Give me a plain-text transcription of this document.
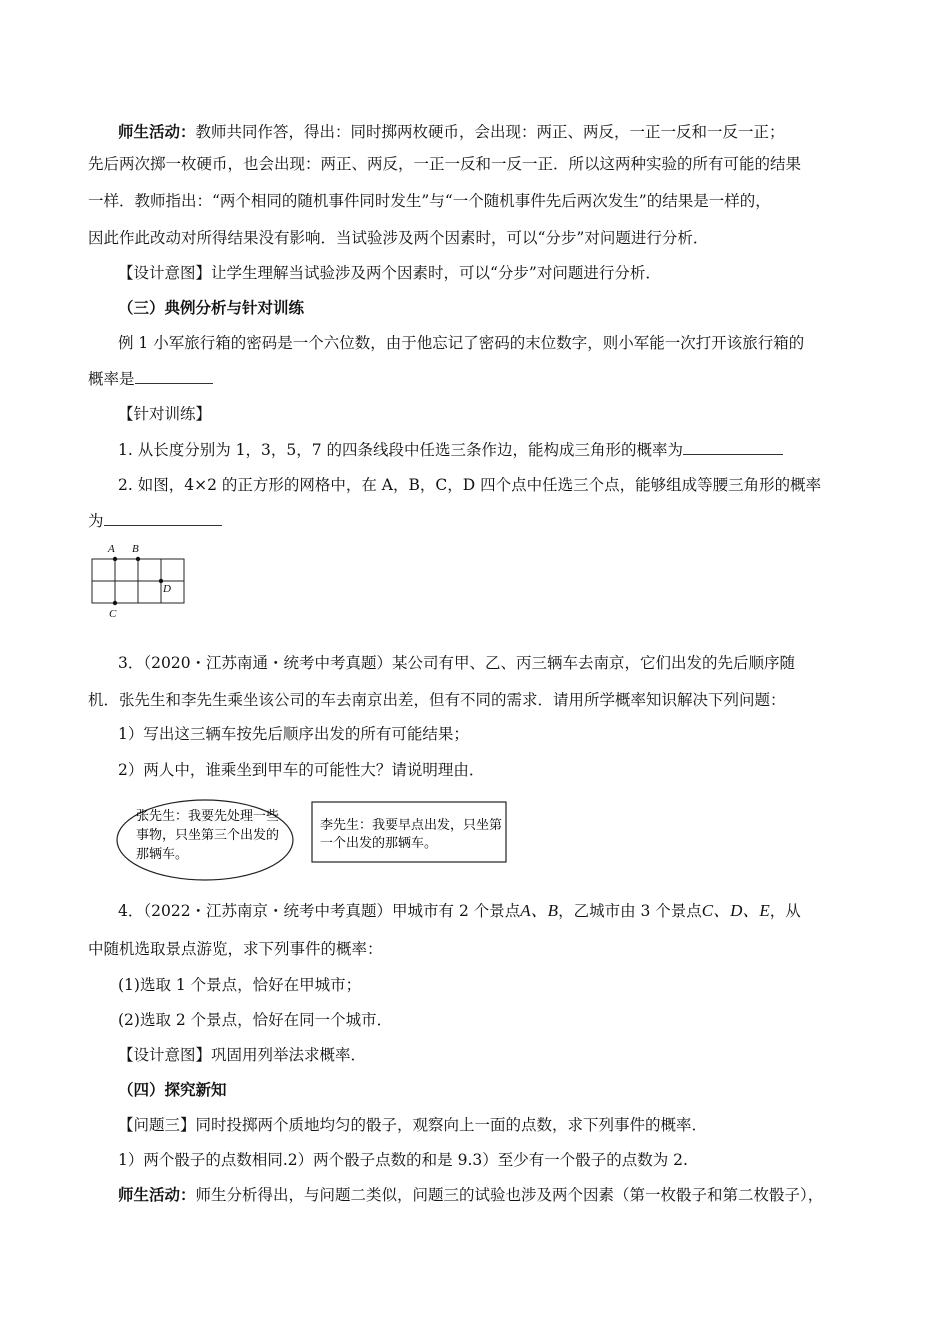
师生活动：教师共同作答，得出：同时掷两枚硬币，会出现：两正、两反，一正一反和一反一正；
先后两次掷一枚硬币，也会出现：两正、两反，一正一反和一反一正．所以这两种实验的所有可能的结果
一样．教师指出：“两个相同的随机事件同时发生”与“一个随机事件先后两次发生”的结果是一样的，
因此作此改动对所得结果没有影响．当试验涉及两个因素时，可以“分步”对问题进行分析．
【设计意图】让学生理解当试验涉及两个因素时，可以“分步”对问题进行分析．
（三）典例分析与针对训练
例 1 小军旅行箱的密码是一个六位数，由于他忘记了密码的末位数字，则小军能一次打开该旅行箱的
概率是
【针对训练】
1. 从长度分别为 1，3，5，7 的四条线段中任选三条作边，能构成三角形的概率为
2. 如图，4×2 的正方形的网格中，在 A，B，C，D 四个点中任选三个点，能够组成等腰三角形的概率
为
A B
C
D
3．（2020・江苏南通・统考中考真题）某公司有甲、乙、丙三辆车去南京，它们出发的先后顺序随
机．张先生和李先生乘坐该公司的车去南京出差，但有不同的需求．请用所学概率知识解决下列问题：
1）写出这三辆车按先后顺序出发的所有可能结果；
2）两人中，谁乘坐到甲车的可能性大？请说明理由．
张先生：我要先处理一些
事物，只坐第三个出发的
那辆车。
李先生：我要早点出发，只坐第
一个出发的那辆车。
4．（2022・江苏南京・统考中考真题）甲城市有 2 个景点A、B，乙城市由 3 个景点C、D、E，从
中随机选取景点游览，求下列事件的概率：
(1)选取 1 个景点，恰好在甲城市；
(2)选取 2 个景点，恰好在同一个城市．
【设计意图】巩固用列举法求概率．
（四）探究新知
【问题三】同时投掷两个质地均匀的骰子，观察向上一面的点数，求下列事件的概率．
1）两个骰子的点数相同.2）两个骰子点数的和是 9.3）至少有一个骰子的点数为 2.
师生活动：师生分析得出，与问题二类似，问题三的试验也涉及两个因素（第一枚骰子和第二枚骰子），
